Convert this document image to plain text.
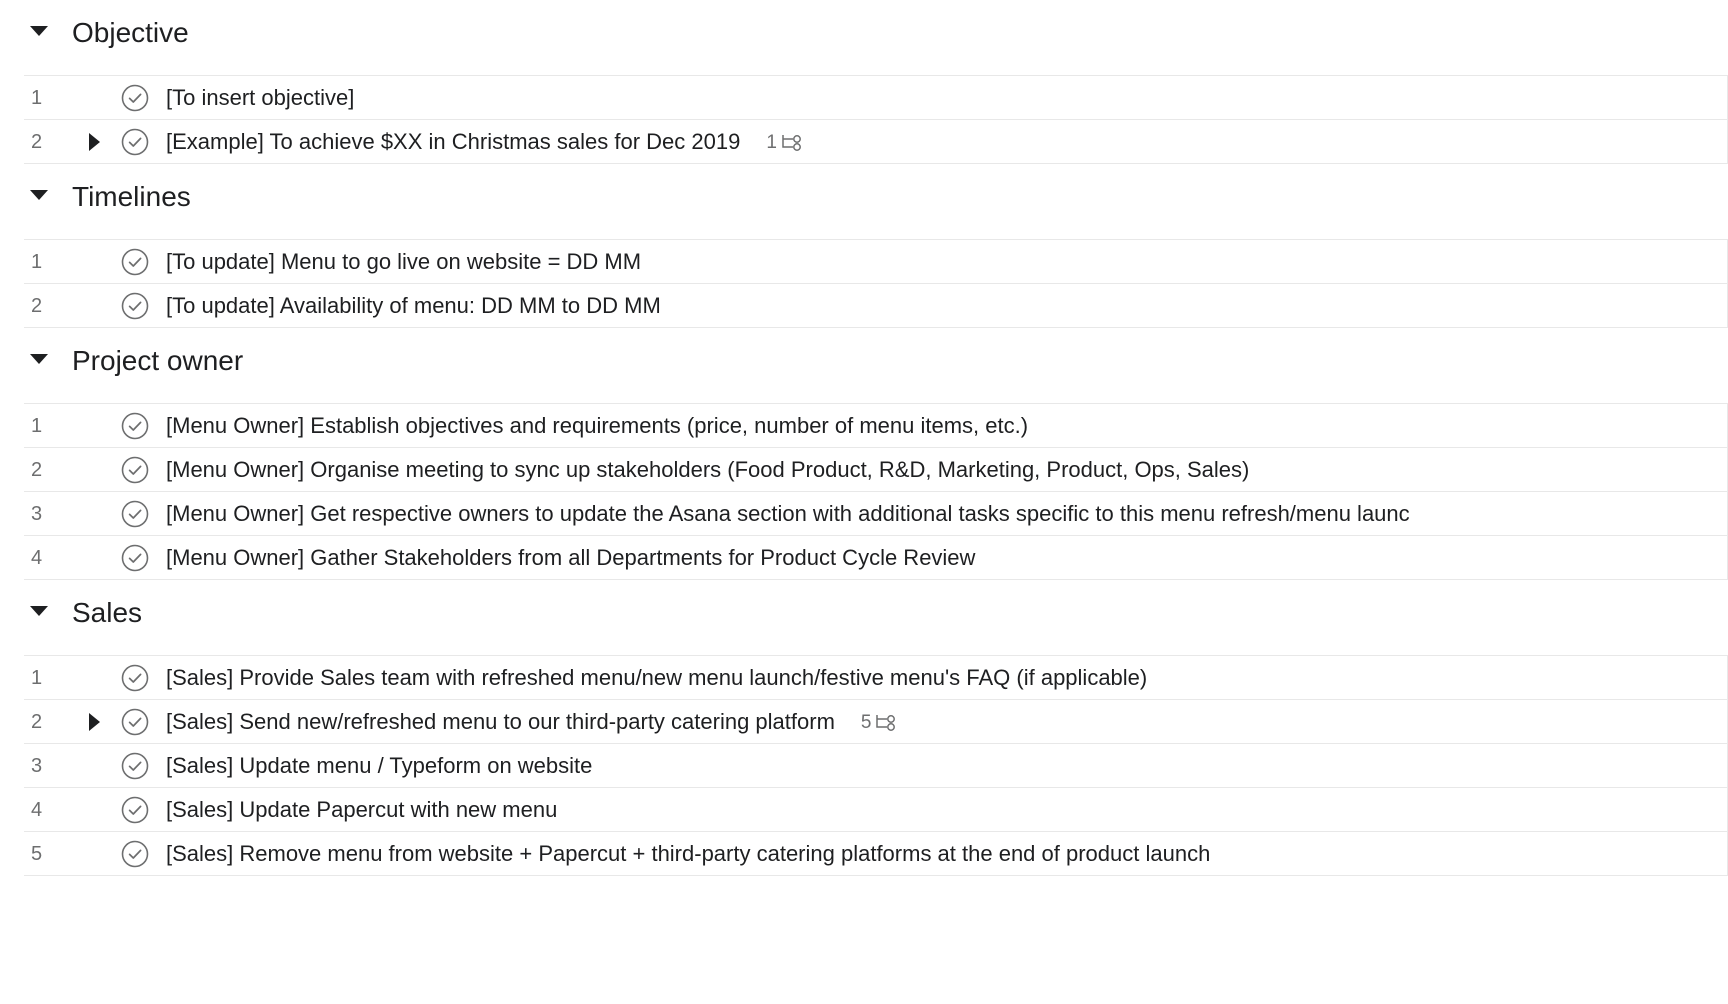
Objective
1	[To insert objective]
2	[Example] To achieve $XX in Christmas sales for Dec 2019 1
Timelines
1	[To update] Menu to go live on website = DD MM
2	[To update] Availability of menu: DD MM to DD MM
Project owner
1	[Menu Owner] Establish objectives and requirements (price, number of menu items, etc.)
2	[Menu Owner] Organise meeting to sync up stakeholders (Food Product, R&D, Marketing, Product, Ops, Sales)
3	[Menu Owner] Get respective owners to update the Asana section with additional tasks specific to this menu refresh/menu launc
4	[Menu Owner] Gather Stakeholders from all Departments for Product Cycle Review
Sales
1	[Sales] Provide Sales team with refreshed menu/new menu launch/festive menu's FAQ (if applicable)
2	[Sales] Send new/refreshed menu to our third-party catering platform 5
3	[Sales] Update menu / Typeform on website
4	[Sales] Update Papercut with new menu
5	[Sales] Remove menu from website + Papercut + third-party catering platforms at the end of product launch
